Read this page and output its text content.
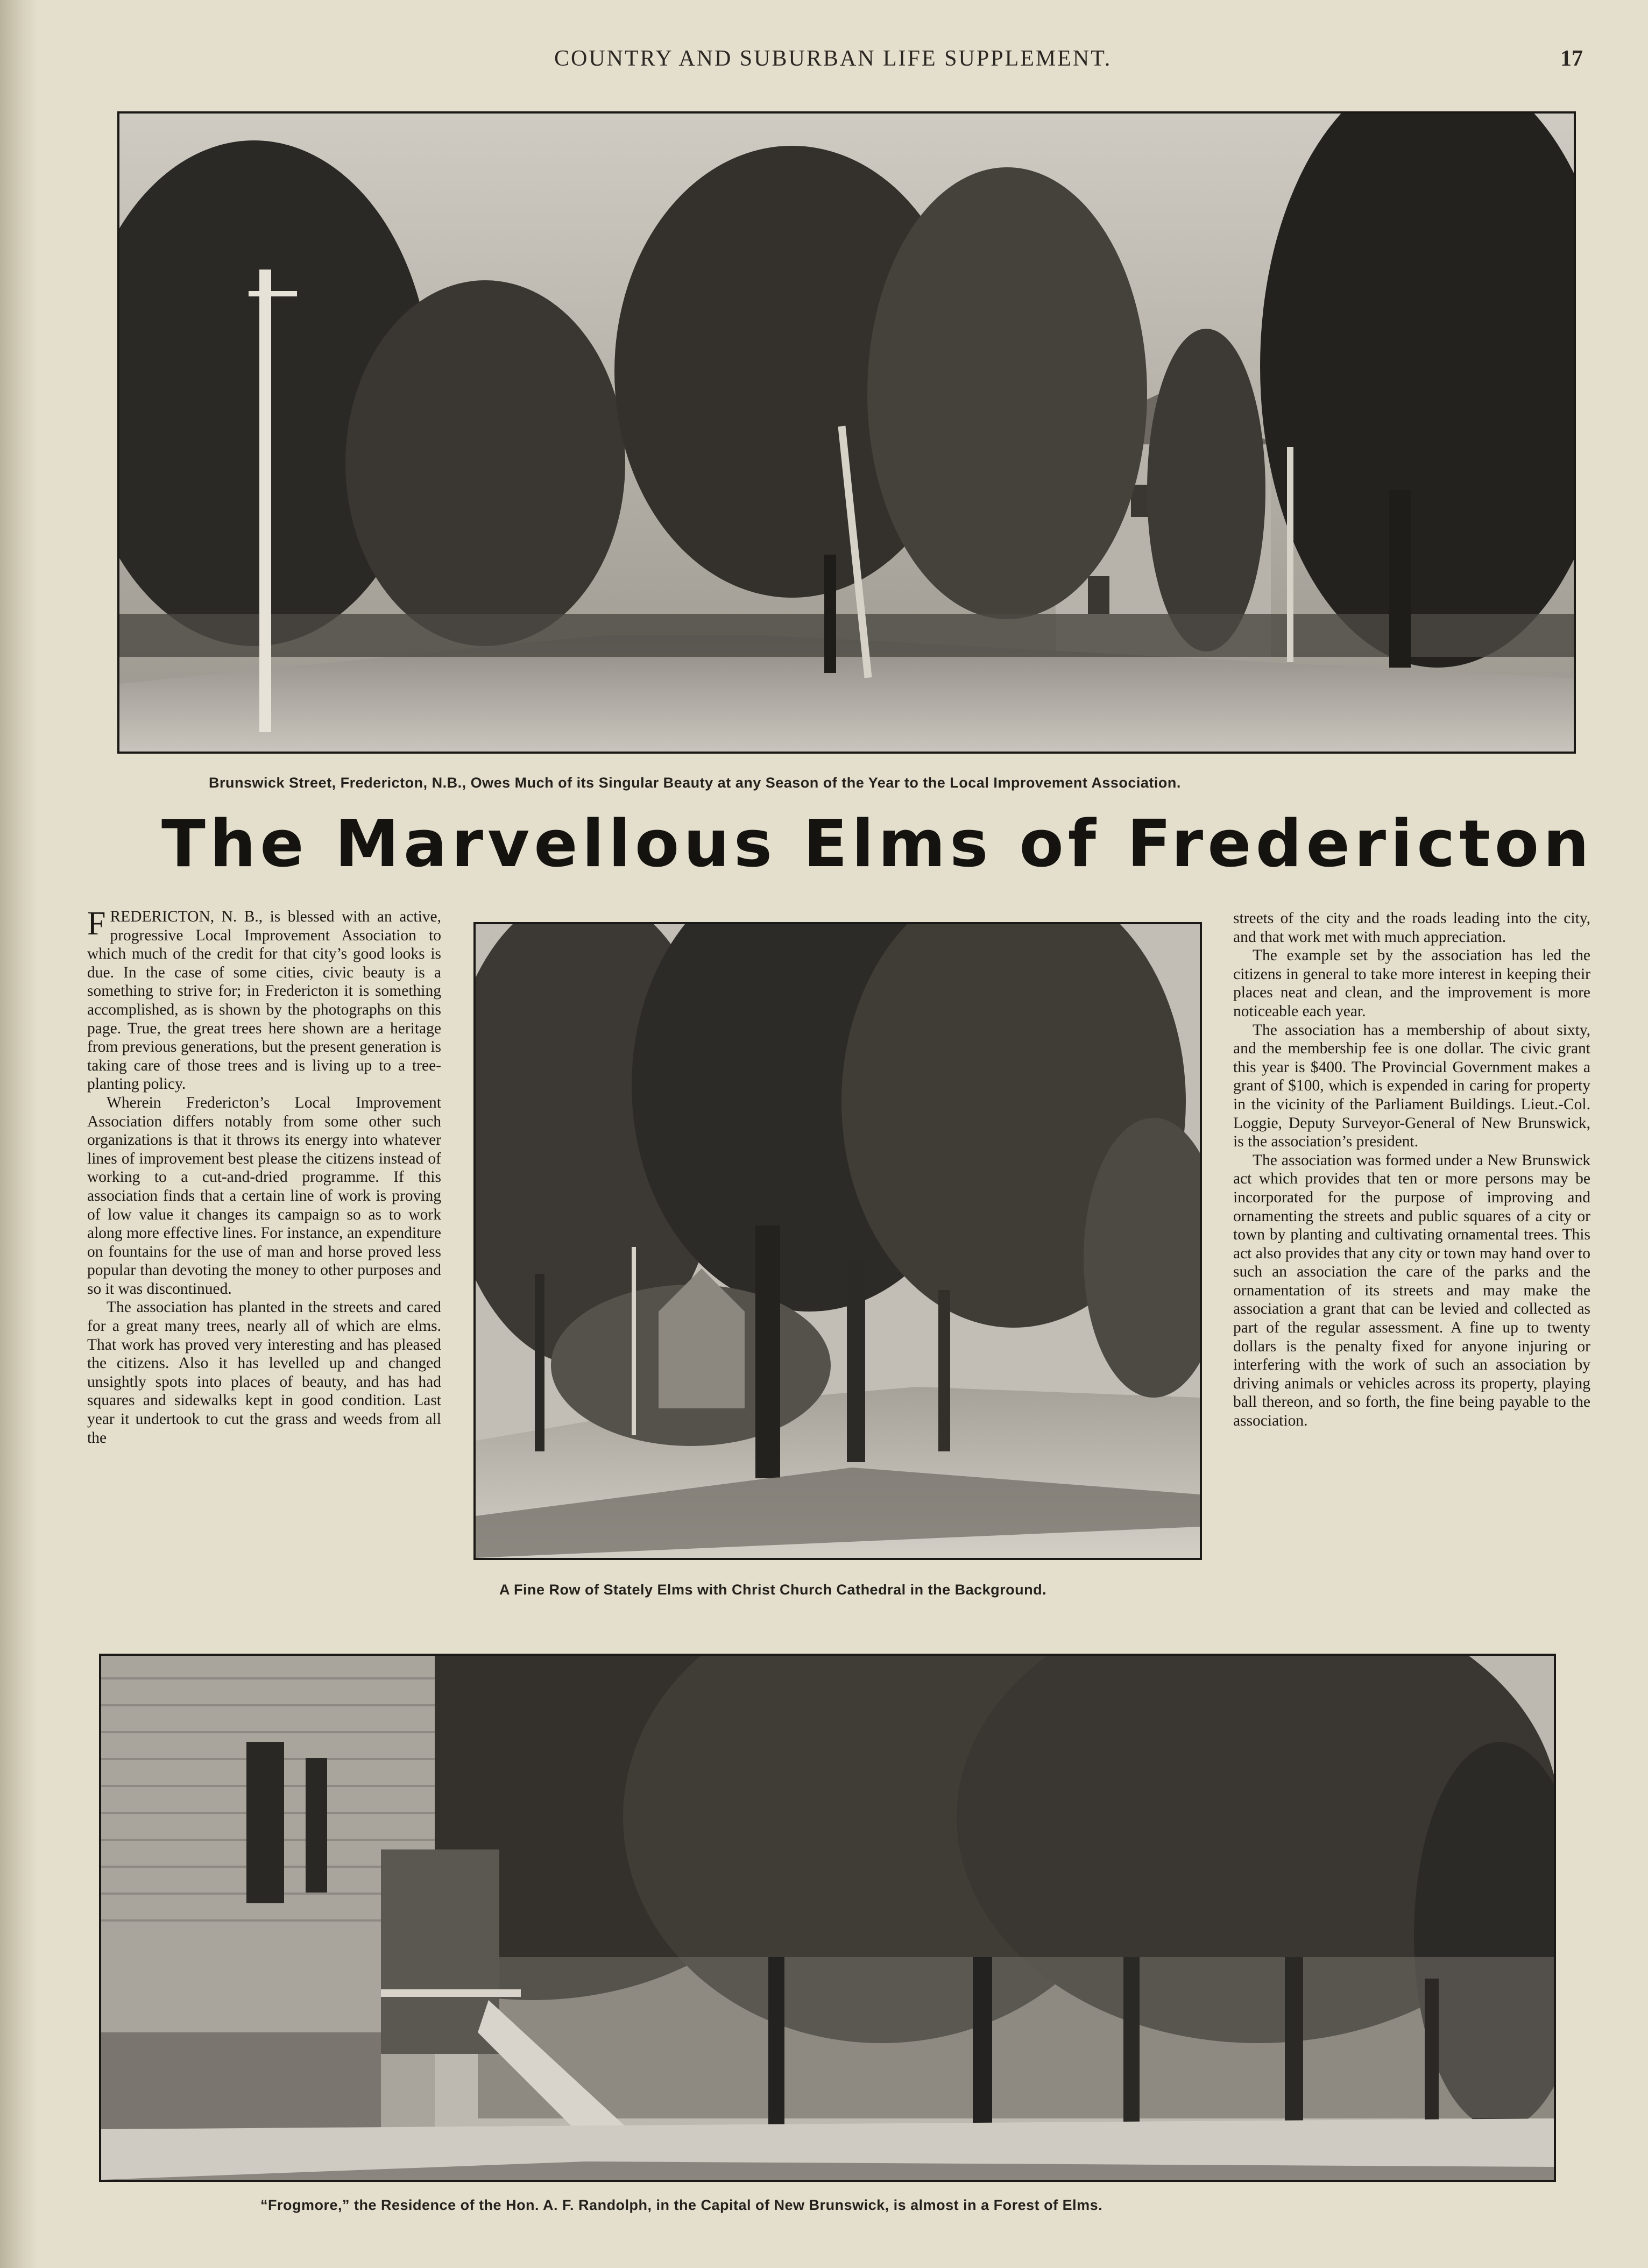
COUNTRY AND SUBURBAN LIFE SUPPLEMENT.	17
Brunswick Street, Fredericton, N.B., Owes Much of its Singular Beauty at any Season of the Year to the Local Improvement Association.
The Marvellous Elms of Fredericton

FREDERICTON, N. B., is blessed with an active, progressive Local Improvement Association to which much of the credit for that city’s good looks is due. In the case of some cities, civic beauty is a something to strive for; in Fredericton it is something accomplished, as is shown by the photographs on this page. True, the great trees here shown are a heritage from previous generations, but the present generation is taking care of those trees and is living up to a tree-planting policy.

Wherein Fredericton’s Local Improvement Association differs notably from some other such organizations is that it throws its energy into whatever lines of improvement best please the citizens instead of working to a cut-and-dried programme. If this association finds that a certain line of work is proving of low value it changes its campaign so as to work along more effective lines. For instance, an expenditure on fountains for the use of man and horse proved less popular than devoting the money to other purposes and so it was discontinued.

The association has planted in the streets and cared for a great many trees, nearly all of which are elms. That work has proved very interesting and has pleased the citizens. Also it has levelled up and changed unsightly spots into places of beauty, and has had squares and sidewalks kept in good condition. Last year it undertook to cut the grass and weeds from all the

A Fine Row of Stately Elms with Christ Church Cathedral in the Background.

streets of the city and the roads leading into the city, and that work met with much appreciation.

The example set by the association has led the citizens in general to take more interest in keeping their places neat and clean, and the improvement is more noticeable each year.

The association has a membership of about sixty, and the membership fee is one dollar. The civic grant this year is $400. The Provincial Government makes a grant of $100, which is expended in caring for property in the vicinity of the Parliament Buildings. Lieut.-Col. Loggie, Deputy Surveyor-General of New Brunswick, is the association’s president.

The association was formed under a New Brunswick act which provides that ten or more persons may be incorporated for the purpose of improving and ornamenting the streets and public squares of a city or town by planting and cultivating ornamental trees. This act also provides that any city or town may hand over to such an association the care of the parks and the ornamentation of its streets and may make the association a grant that can be levied and collected as part of the regular assessment. A fine up to twenty dollars is the penalty fixed for anyone injuring or interfering with the work of such an association by driving animals or vehicles across its property, playing ball thereon, and so forth, the fine being payable to the association.

“Frogmore,” the Residence of the Hon. A. F. Randolph, in the Capital of New Brunswick, is almost in a Forest of Elms.
